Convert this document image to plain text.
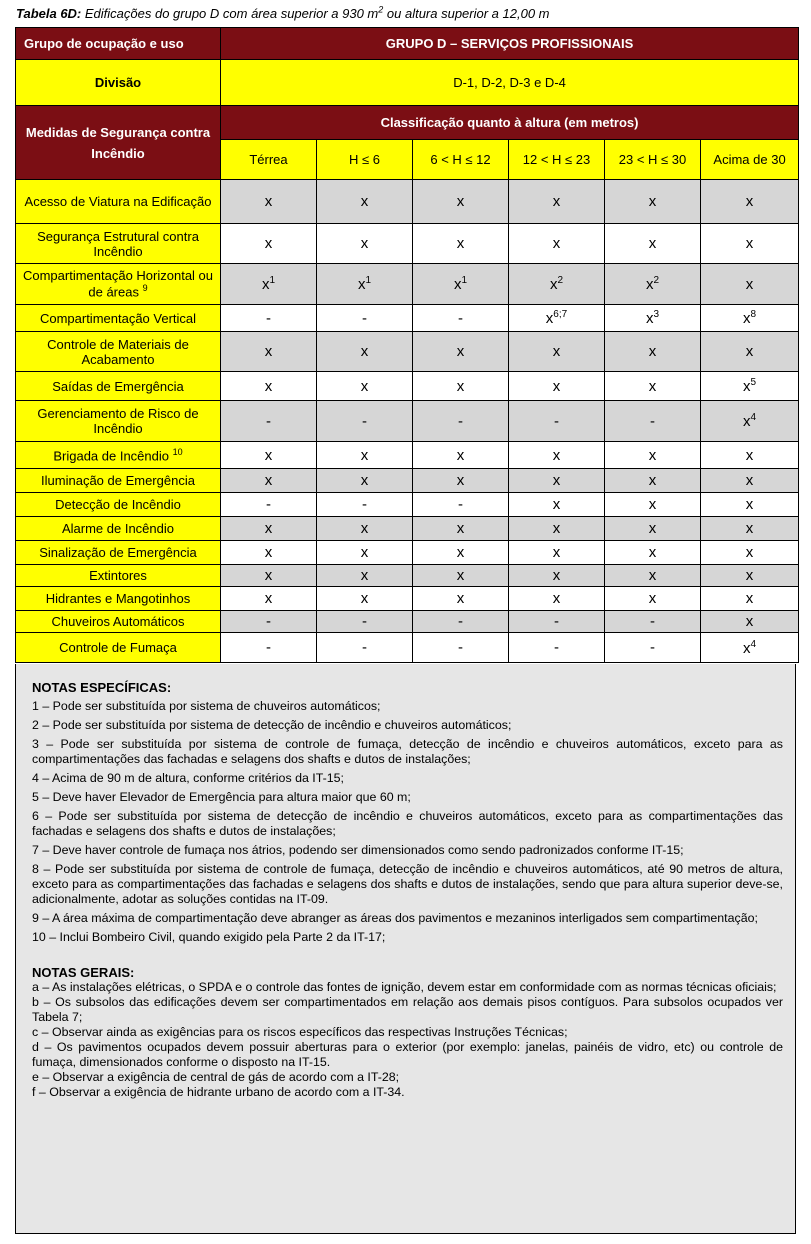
Tabela 6D: Edificações do grupo D com área superior a 930 $m^2$ ou altura superior a 12,00 m
Grupo de ocupação e uso	GRUPO D – SERVIÇOS PROFISSIONAIS					
Divisão	D-1, D-2, D-3 e D-4					
Medidas de Segurança contra Incêndio	Classificação quanto à altura (em metros)					
	Térrea	H ≤ 6	6 < H ≤ 12	12 < H ≤ 23	23 < H ≤ 30	Acima de 30
Acesso de Viatura na Edificação	x	x	x	x	x	x
Segurança Estrutural contra Incêndio	x	x	x	x	x	x
Compartimentação Horizontal ou de áreas $^9$	$x^1$	$x^1$	$x^1$	$x^2$	$x^2$	x
Compartimentação Vertical	-	-	-	$x^{6;7}$	$x^3$	$x^8$
Controle de Materiais de Acabamento	x	x	x	x	x	x
Saídas de Emergência	x	x	x	x	x	$x^5$
Gerenciamento de Risco de Incêndio	-	-	-	-	-	$x^4$
Brigada de Incêndio $^{10}$	x	x	x	x	x	x
Iluminação de Emergência	x	x	x	x	x	x
Detecção de Incêndio	-	-	-	x	x	x
Alarme de Incêndio	x	x	x	x	x	x
Sinalização de Emergência	x	x	x	x	x	x
Extintores	x	x	x	x	x	x
Hidrantes e Mangotinhos	x	x	x	x	x	x
Chuveiros Automáticos	-	-	-	-	-	x
Controle de Fumaça	-	-	-	-	-	$x^4$
NOTAS ESPECÍFICAS:

1 – Pode ser substituída por sistema de chuveiros automáticos;

2 – Pode ser substituída por sistema de detecção de incêndio e chuveiros automáticos;

3 – Pode ser substituída por sistema de controle de fumaça, detecção de incêndio e chuveiros automáticos, exceto para as compartimentações das fachadas e selagens dos shafts e dutos de instalações;

4 – Acima de 90 m de altura, conforme critérios da IT-15;

5 – Deve haver Elevador de Emergência para altura maior que 60 m;

6 – Pode ser substituída por sistema de detecção de incêndio e chuveiros automáticos, exceto para as compartimentações das fachadas e selagens dos shafts e dutos de instalações;

7 – Deve haver controle de fumaça nos átrios, podendo ser dimensionados como sendo padronizados conforme IT-15;

8 – Pode ser substituída por sistema de controle de fumaça, detecção de incêndio e chuveiros automáticos, até 90 metros de altura, exceto para as compartimentações das fachadas e selagens dos shafts e dutos de instalações, sendo que para altura superior deve-se, adicionalmente, adotar as soluções contidas na IT-09.

9 – A área máxima de compartimentação deve abranger as áreas dos pavimentos e mezaninos interligados sem compartimentação;

10 – Inclui Bombeiro Civil, quando exigido pela Parte 2 da IT-17;

NOTAS GERAIS:

a – As instalações elétricas, o SPDA e o controle das fontes de ignição, devem estar em conformidade com as normas técnicas oficiais;

b – Os subsolos das edificações devem ser compartimentados em relação aos demais pisos contíguos. Para subsolos ocupados ver Tabela 7;

c – Observar ainda as exigências para os riscos específicos das respectivas Instruções Técnicas;

d – Os pavimentos ocupados devem possuir aberturas para o exterior (por exemplo: janelas, painéis de vidro, etc) ou controle de fumaça, dimensionados conforme o disposto na IT-15.

e – Observar a exigência de central de gás de acordo com a IT-28;

f – Observar a exigência de hidrante urbano de acordo com a IT-34.
